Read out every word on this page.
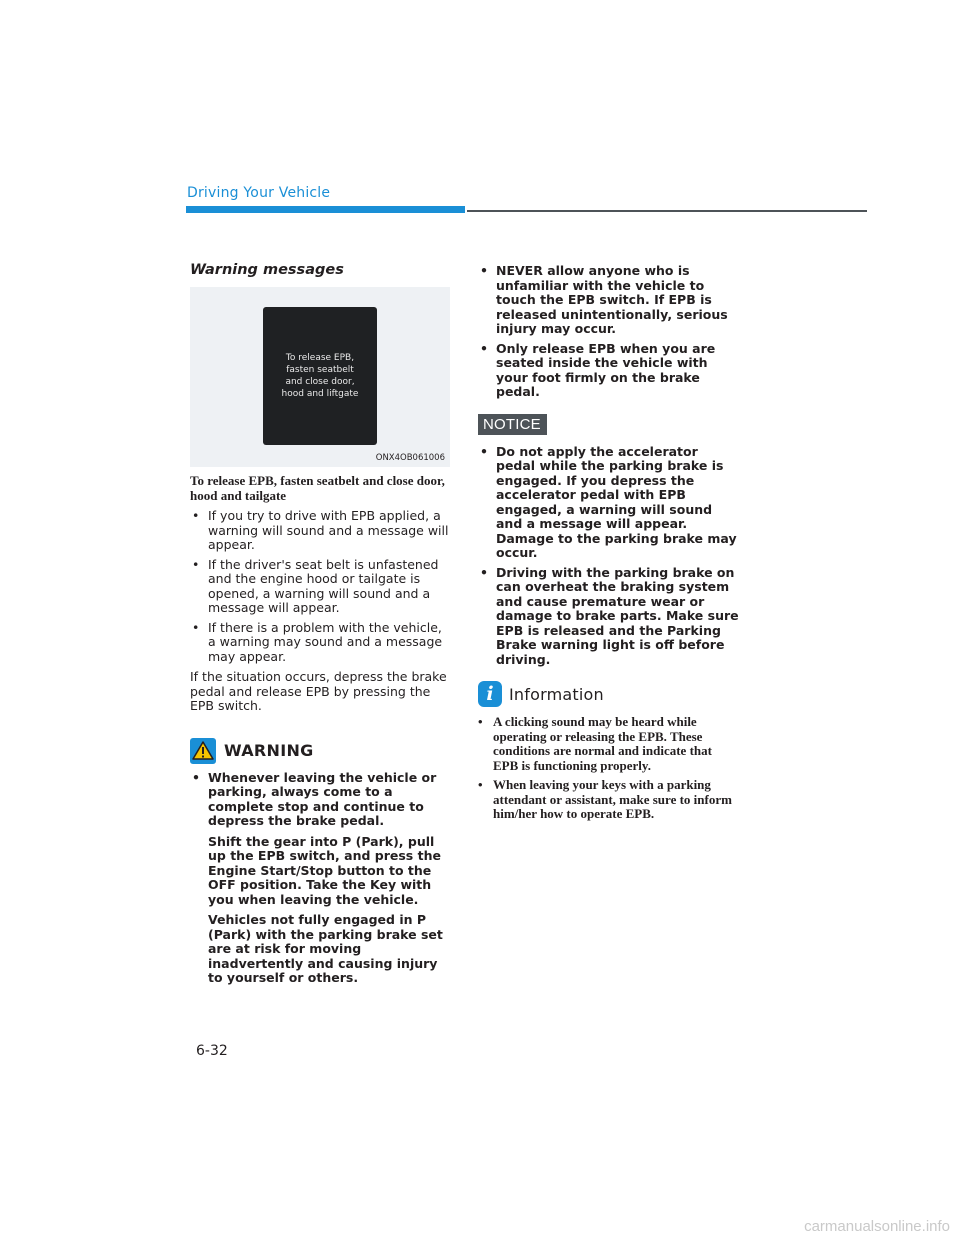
Driving Your Vehicle
Warning messages
To release EPB,
fasten seatbelt
and close door,
hood and liftgate
ONX4OB061006
To release EPB, fasten seatbelt and close door, hood and tailgate
• If you try to drive with EPB applied, a warning will sound and a message will appear.
• If the driver's seat belt is unfastened and the engine hood or tailgate is opened, a warning will sound and a message will appear.
• If there is a problem with the vehicle, a warning may sound and a message may appear.

If the situation occurs, depress the brake pedal and release EPB by pressing the EPB switch.

WARNING
• Whenever leaving the vehicle or parking, always come to a complete stop and continue to depress the brake pedal.
Shift the gear into P (Park), pull up the EPB switch, and press the Engine Start/Stop button to the OFF position. Take the Key with you when leaving the vehicle.
Vehicles not fully engaged in P (Park) with the parking brake set are at risk for moving inadvertently and causing injury to yourself or others.
• NEVER allow anyone who is unfamiliar with the vehicle to touch the EPB switch. If EPB is released unintentionally, serious injury may occur.
• Only release EPB when you are seated inside the vehicle with your foot firmly on the brake pedal.
NOTICE
• Do not apply the accelerator pedal while the parking brake is engaged. If you depress the accelerator pedal with EPB engaged, a warning will sound and a message will appear. Damage to the parking brake may occur.
• Driving with the parking brake on can overheat the braking system and cause premature wear or damage to brake parts. Make sure EPB is released and the Parking Brake warning light is off before driving.
i Information
• A clicking sound may be heard while operating or releasing the EPB. These conditions are normal and indicate that EPB is functioning properly.
• When leaving your keys with a parking attendant or assistant, make sure to inform him/her how to operate EPB.
6-32
carmanualsonline.info
